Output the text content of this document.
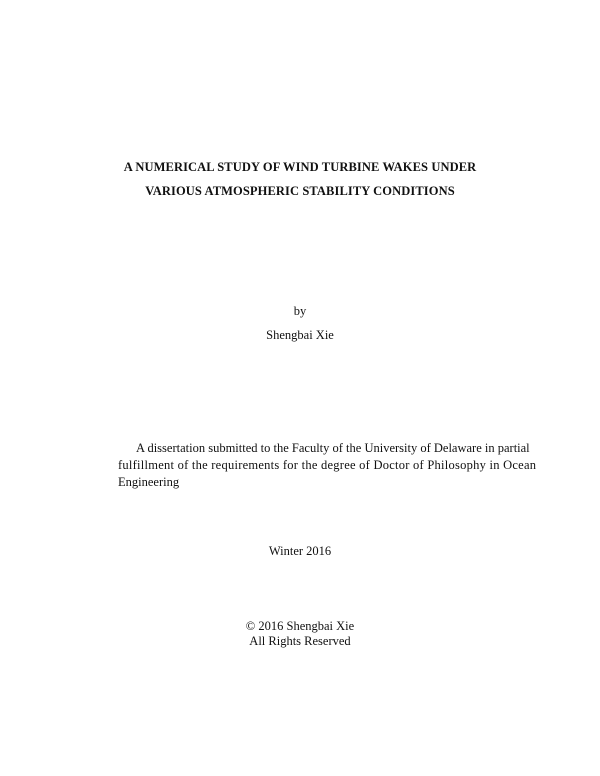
A NUMERICAL STUDY OF WIND TURBINE WAKES UNDER
VARIOUS ATMOSPHERIC STABILITY CONDITIONS
by
Shengbai Xie
A dissertation submitted to the Faculty of the University of Delaware in partial
fulfillment of the requirements for the degree of Doctor of Philosophy in Ocean
Engineering
Winter 2016
© 2016 Shengbai Xie
All Rights Reserved
